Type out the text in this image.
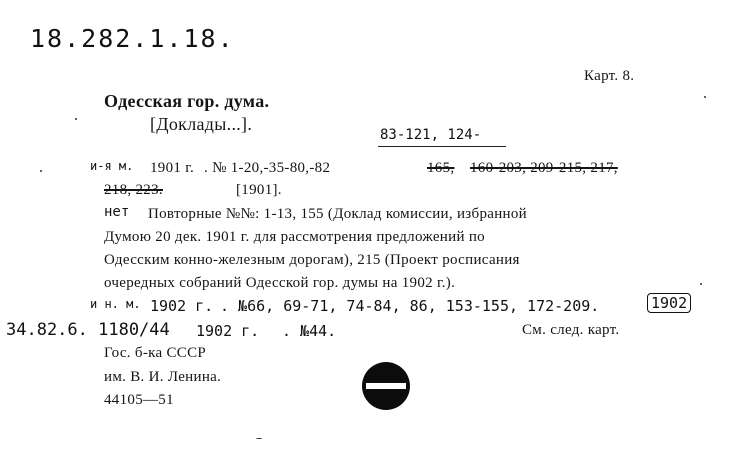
18.282.1.18.
Карт. 8.
Одесская гор. дума.
[Доклады...].
83-121, 124-
и-я м. 1901 г. . № 1-20,-35-80,-82	165, 160-203, 209-215, 217,
218, 223.	[1901].
нет Повторные №№: 1-13, 155 (Доклад комиссии, избранной
Думою 20 дек. 1901 г. для рассмотрения предложений по
Одесским конно-железным дорогам), 215 (Проект росписания
очередных собраний Одесской гор. думы на 1902 г.).
и н. м. 1902 г. . №66, 69-71, 74-84, 86, 153-155, 172-209.	1902
34.82.6. 1180/44 1902 г. . №44.	См. след. карт.
Гос. б-ка СССР
им. В. И. Ленина.
44105—51
